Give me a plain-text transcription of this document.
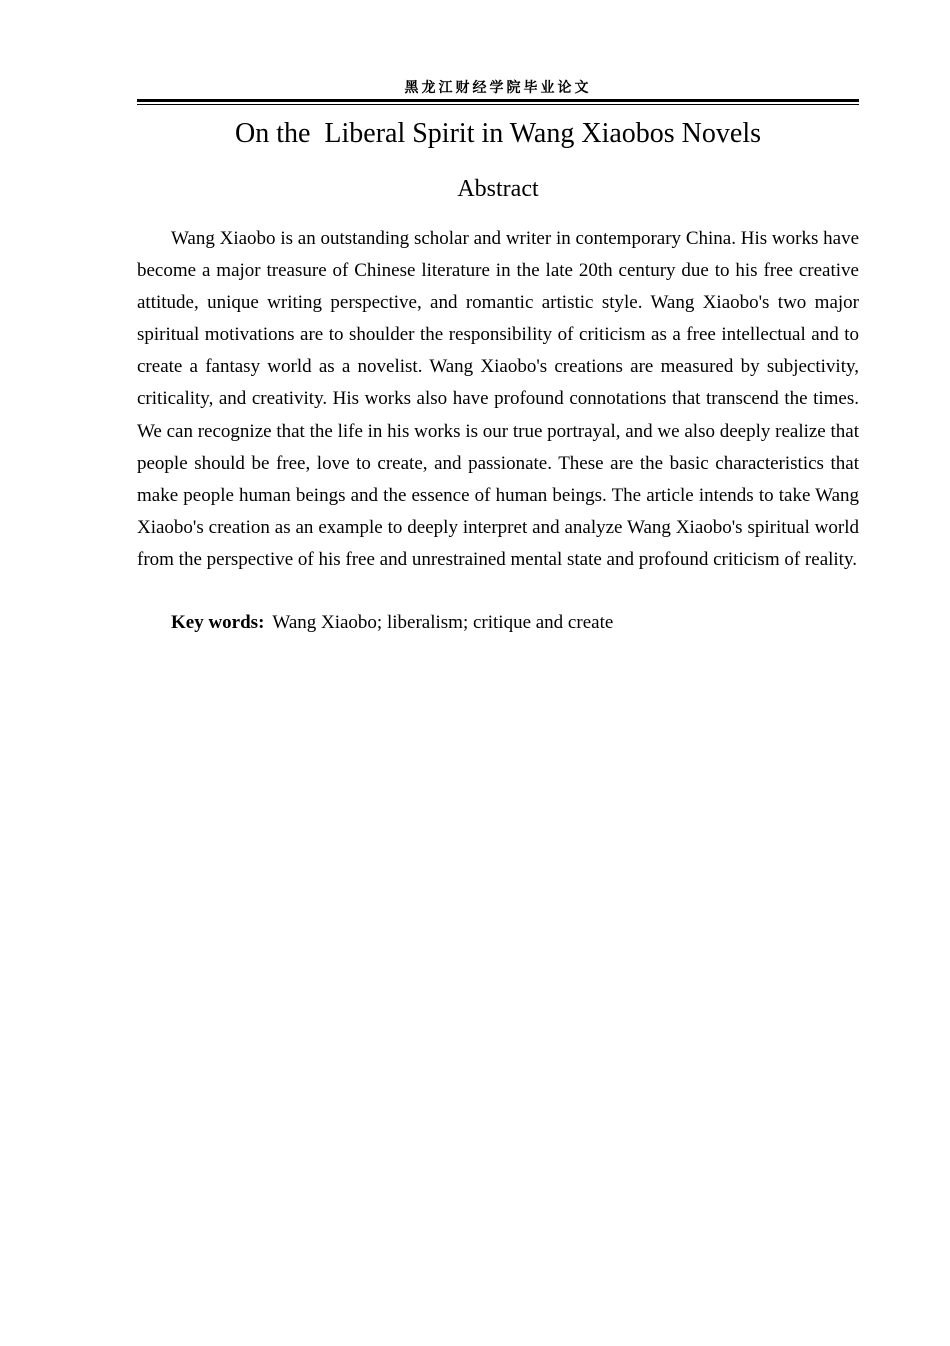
黑龙江财经学院毕业论文
On the  Liberal Spirit in Wang Xiaobos Novels
Abstract

Wang Xiaobo is an outstanding scholar and writer in contemporary China. His works have become a major treasure of Chinese literature in the late 20th century due to his free creative attitude, unique writing perspective, and romantic artistic style. Wang Xiaobo's two major spiritual motivations are to shoulder the responsibility of criticism as a free intellectual and to create a fantasy world as a novelist. Wang Xiaobo's creations are measured by subjectivity, criticality, and creativity. His works also have profound connotations that transcend the times. We can recognize that the life in his works is our true portrayal, and we also deeply realize that people should be free, love to create, and passionate. These are the basic characteristics that make people human beings and the essence of human beings. The article intends to take Wang Xiaobo's creation as an example to deeply interpret and analyze Wang Xiaobo's spiritual world from the perspective of his free and unrestrained mental state and profound criticism of reality.

Key words: Wang Xiaobo; liberalism; critique and create
